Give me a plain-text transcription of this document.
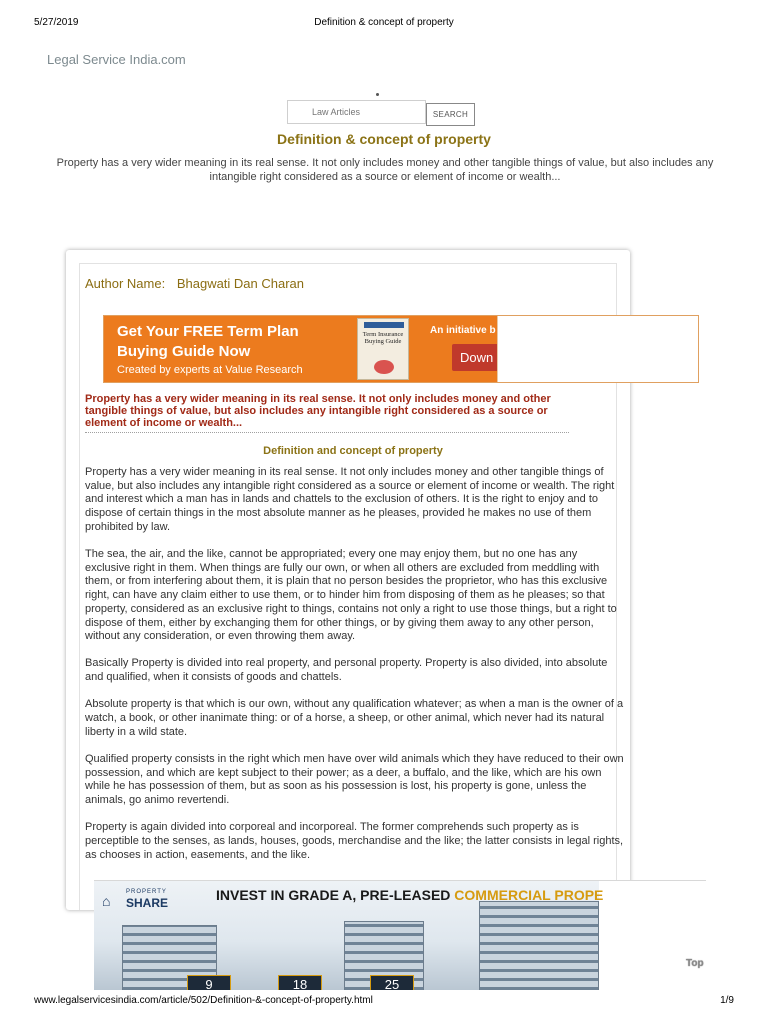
5/27/2019	Definition & concept of property
Legal Service India.com
Law Articles
SEARCH
Definition & concept of property

Property has a very wider meaning in its real sense. It not only includes money and other tangible things of value, but also includes any intangible right considered as a source or element of income or wealth...

Author Name: Bhagwati Dan Charan
Get Your FREE Term Plan
Buying Guide Now
Created by experts at Value Research
Term Insurance Buying Guide
An initiative b
Down

Property has a very wider meaning in its real sense. It not only includes money and other tangible things of value, but also includes any intangible right considered as a source or element of income or wealth...

Definition and concept of property

Property has a very wider meaning in its real sense. It not only includes money and other tangible things of value, but also includes any intangible right considered as a source or element of income or wealth. The right and interest which a man has in lands and chattels to the exclusion of others. It is the right to enjoy and to dispose of certain things in the most absolute manner as he pleases, provided he makes no use of them prohibited by law.

The sea, the air, and the like, cannot be appropriated; every one may enjoy them, but no one has any exclusive right in them. When things are fully our own, or when all others are excluded from meddling with them, or from interfering about them, it is plain that no person besides the proprietor, who has this exclusive right, can have any claim either to use them, or to hinder him from disposing of them as he pleases; so that property, considered as an exclusive right to things, contains not only a right to use those things, but a right to dispose of them, either by exchanging them for other things, or by giving them away to any other person, without any consideration, or even throwing them away.

Basically Property is divided into real property, and personal property. Property is also divided, into absolute and qualified, when it consists of goods and chattels.

Absolute property is that which is our own, without any qualification whatever; as when a man is the owner of a watch, a book, or other inanimate thing: or of a horse, a sheep, or other animal, which never had its natural liberty in a wild state.

Qualified property consists in the right which men have over wild animals which they have reduced to their own possession, and which are kept subject to their power; as a deer, a buffalo, and the like, which are his own while he has possession of them, but as soon as his possession is lost, his property is gone, unless the animals, go animo revertendi.

Property is again divided into corporeal and incorporeal. The former comprehends such property as is perceptible to the senses, as lands, houses, goods, merchandise and the like; the latter consists in legal rights, as chooses in action, easements, and the like.

⌂
PROPERTY
SHARE	INVEST IN GRADE A, PRE-LEASED COMMERCIAL PROPE
9	18	25
Top
www.legalservicesindia.com/article/502/Definition-&-concept-of-property.html	1/9
